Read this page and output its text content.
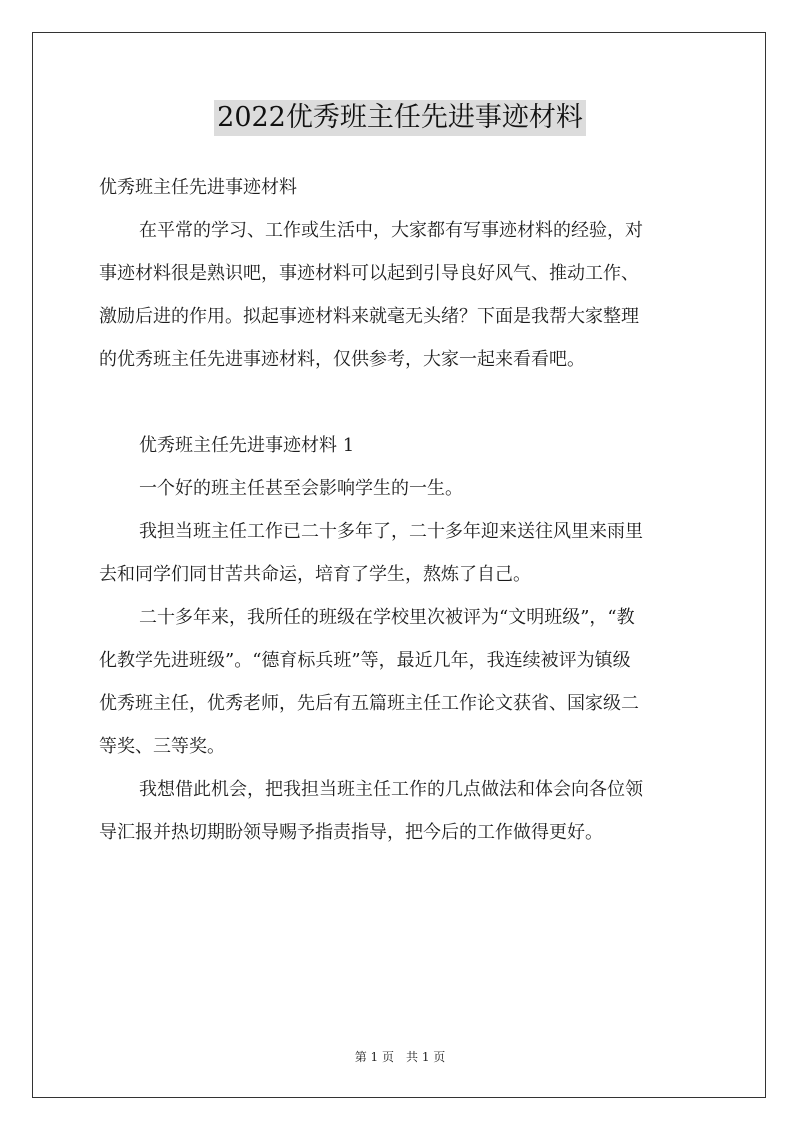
2022优秀班主任先进事迹材料
优秀班主任先进事迹材料
在平常的学习、工作或生活中，大家都有写事迹材料的经验，对
事迹材料很是熟识吧，事迹材料可以起到引导良好风气、推动工作、
激励后进的作用。拟起事迹材料来就毫无头绪？下面是我帮大家整理
的优秀班主任先进事迹材料，仅供参考，大家一起来看看吧。
优秀班主任先进事迹材料 1
一个好的班主任甚至会影响学生的一生。
我担当班主任工作已二十多年了，二十多年迎来送往风里来雨里
去和同学们同甘苦共命运，培育了学生，熬炼了自己。
二十多年来，我所任的班级在学校里次被评为“文明班级”，“教
化教学先进班级”。“德育标兵班”等，最近几年，我连续被评为镇级
优秀班主任，优秀老师，先后有五篇班主任工作论文获省、国家级二
等奖、三等奖。
我想借此机会，把我担当班主任工作的几点做法和体会向各位领
导汇报并热切期盼领导赐予指责指导，把今后的工作做得更好。
第 1 页　共 1 页
